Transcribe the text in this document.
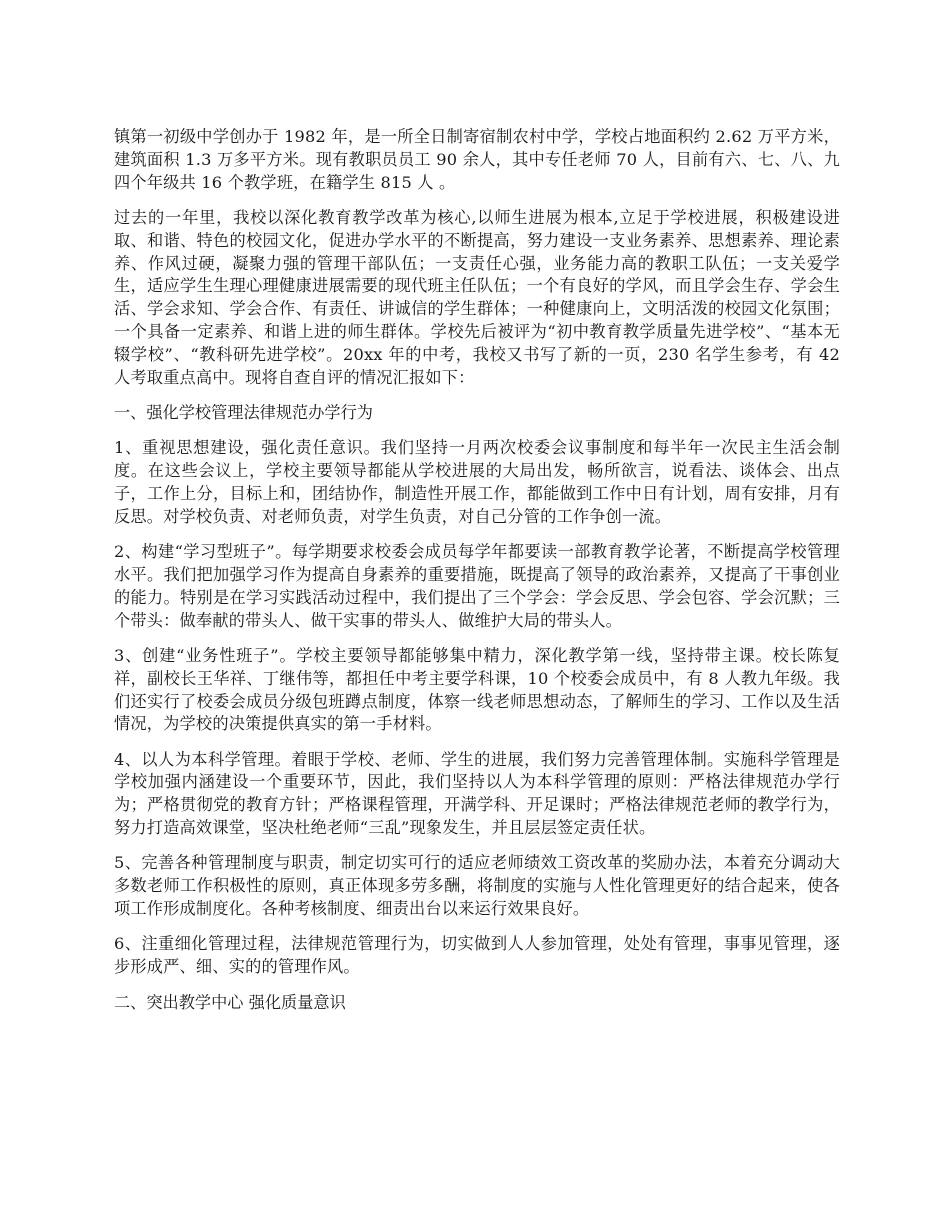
镇第一初级中学创办于 1982 年，是一所全日制寄宿制农村中学，学校占地面积约 2.62 万平方米，建筑面积 1.3 万多平方米。现有教职员员工 90 余人，其中专任老师 70 人，目前有六、七、八、九四个年级共 16 个教学班，在籍学生 815 人 。

过去的一年里，我校以深化教育教学改革为核心,以师生进展为根本,立足于学校进展，积极建设进取、和谐、特色的校园文化，促进办学水平的不断提高，努力建设一支业务素养、思想素养、理论素养、作风过硬，凝聚力强的管理干部队伍；一支责任心强，业务能力高的教职工队伍；一支关爱学生，适应学生生理心理健康进展需要的现代班主任队伍；一个有良好的学风，而且学会生存、学会生活、学会求知、学会合作、有责任、讲诚信的学生群体；一种健康向上，文明活泼的校园文化氛围；一个具备一定素养、和谐上进的师生群体。学校先后被评为“初中教育教学质量先进学校”、“基本无辍学校”、“教科研先进学校”。20xx 年的中考，我校又书写了新的一页，230 名学生参考，有 42 人考取重点高中。现将自查自评的情况汇报如下：

一、强化学校管理法律规范办学行为

1、重视思想建设，强化责任意识。我们坚持一月两次校委会议事制度和每半年一次民主生活会制度。在这些会议上，学校主要领导都能从学校进展的大局出发，畅所欲言，说看法、谈体会、出点子，工作上分，目标上和，团结协作，制造性开展工作，都能做到工作中日有计划，周有安排，月有反思。对学校负责、对老师负责，对学生负责，对自己分管的工作争创一流。

2、构建“学习型班子”。每学期要求校委会成员每学年都要读一部教育教学论著，不断提高学校管理水平。我们把加强学习作为提高自身素养的重要措施，既提高了领导的政治素养，又提高了干事创业的能力。特别是在学习实践活动过程中，我们提出了三个学会：学会反思、学会包容、学会沉默；三个带头：做奉献的带头人、做干实事的带头人、做维护大局的带头人。

3、创建“业务性班子”。学校主要领导都能够集中精力，深化教学第一线，坚持带主课。校长陈复祥，副校长王华祥、丁继伟等，都担任中考主要学科课，10 个校委会成员中，有 8 人教九年级。我们还实行了校委会成员分级包班蹲点制度，体察一线老师思想动态，了解师生的学习、工作以及生活情况，为学校的决策提供真实的第一手材料。

4、以人为本科学管理。着眼于学校、老师、学生的进展，我们努力完善管理体制。实施科学管理是学校加强内涵建设一个重要环节，因此，我们坚持以人为本科学管理的原则：严格法律规范办学行为；严格贯彻党的教育方针；严格课程管理，开满学科、开足课时；严格法律规范老师的教学行为，努力打造高效课堂，坚决杜绝老师“三乱”现象发生，并且层层签定责任状。

5、完善各种管理制度与职责，制定切实可行的适应老师绩效工资改革的奖励办法，本着充分调动大多数老师工作积极性的原则，真正体现多劳多酬，将制度的实施与人性化管理更好的结合起来，使各项工作形成制度化。各种考核制度、细责出台以来运行效果良好。

6、注重细化管理过程，法律规范管理行为，切实做到人人参加管理，处处有管理，事事见管理，逐步形成严、细、实的的管理作风。

二、突出教学中心 强化质量意识
